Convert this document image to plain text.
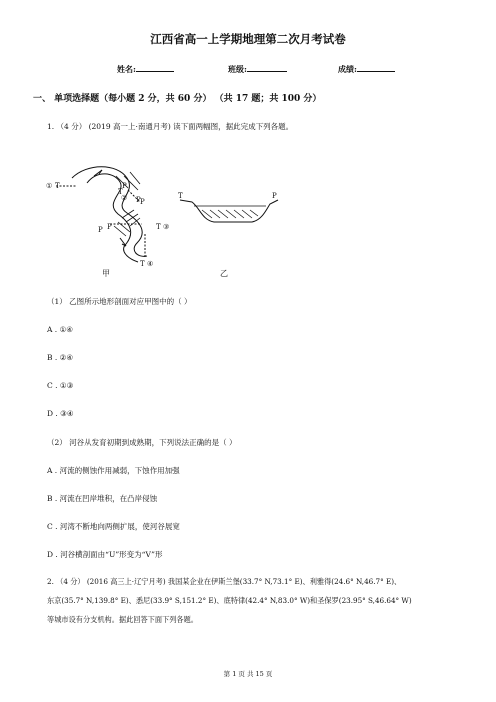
江西省高一上学期地理第二次月考试卷
姓名:	班级:	成绩:
一、 单项选择题（每小题 2 分，共 60 分） （共 17 题；共 100 分）
1. （4 分） (2019 高一上·南通月考) 读下面两幅图，据此完成下列各题。
① T
T
②
P
P
P P	T ③
T ④
P
甲
T	P
乙
（1） 乙图所示地形剖面对应甲图中的（ ）
A . ①④
B . ②④
C . ①③
D . ③④
（2） 河谷从发育初期到成熟期，下列说法正确的是（ ）
A . 河流的侧蚀作用减弱，下蚀作用加强
B . 河流在凹岸堆积，在凸岸侵蚀
C . 河湾不断地向两侧扩展，使河谷展宽
D . 河谷横剖面由“U”形变为“V”形
2. （4 分） (2016 高三上·辽宁月考) 我国某企业在伊斯兰堡(33.7° N,73.1° E)、利雅得(24.6° N,46.7° E)、
东京(35.7° N,139.8° E)、悉尼(33.9° S,151.2° E)、底特律(42.4° N,83.0° W)和圣保罗(23.95° S,46.64° W)
等城市设有分支机构。据此回答下面下列各题。
第 1 页 共 15 页
